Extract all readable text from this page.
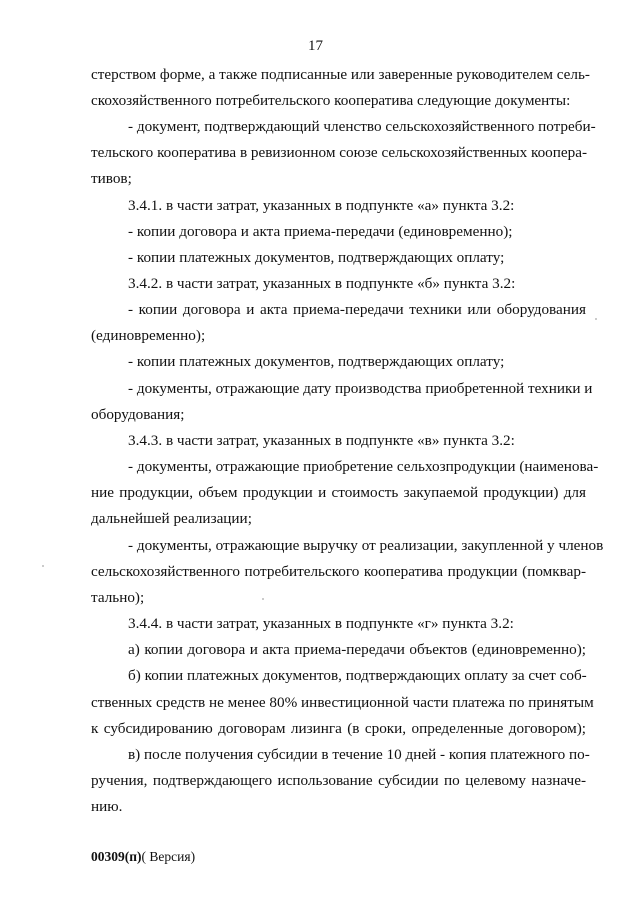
17
стерством форме, а также подписанные или заверенные руководителем сель-
скохозяйственного потребительского кооператива следующие документы:
- документ, подтверждающий членство сельскохозяйственного потреби-
тельского кооператива в ревизионном союзе сельскохозяйственных коопера-
тивов;
3.4.1. в части затрат, указанных в подпункте «а» пункта 3.2:
- копии договора и акта приема-передачи (единовременно);
- копии платежных документов, подтверждающих оплату;
3.4.2. в части затрат, указанных в подпункте «б» пункта 3.2:
- копии договора и акта приема-передачи техники или оборудования
(единовременно);
- копии платежных документов, подтверждающих оплату;
- документы, отражающие дату производства приобретенной техники и
оборудования;
3.4.3. в части затрат, указанных в подпункте «в» пункта 3.2:
- документы, отражающие приобретение сельхозпродукции (наименова-
ние продукции, объем продукции и стоимость закупаемой продукции) для
дальнейшей реализации;
- документы, отражающие выручку от реализации, закупленной у членов
сельскохозяйственного потребительского кооператива продукции (помквар-
тально);
3.4.4. в части затрат, указанных в подпункте «г» пункта 3.2:
а) копии договора и акта приема-передачи объектов (единовременно);
б) копии платежных документов, подтверждающих оплату за счет соб-
ственных средств не менее 80% инвестиционной части платежа по принятым
к субсидированию договорам лизинга (в сроки, определенные договором);
в) после получения субсидии в течение 10 дней - копия платежного по-
ручения, подтверждающего использование субсидии по целевому назначе-
нию.
00309(п)( Версия)
